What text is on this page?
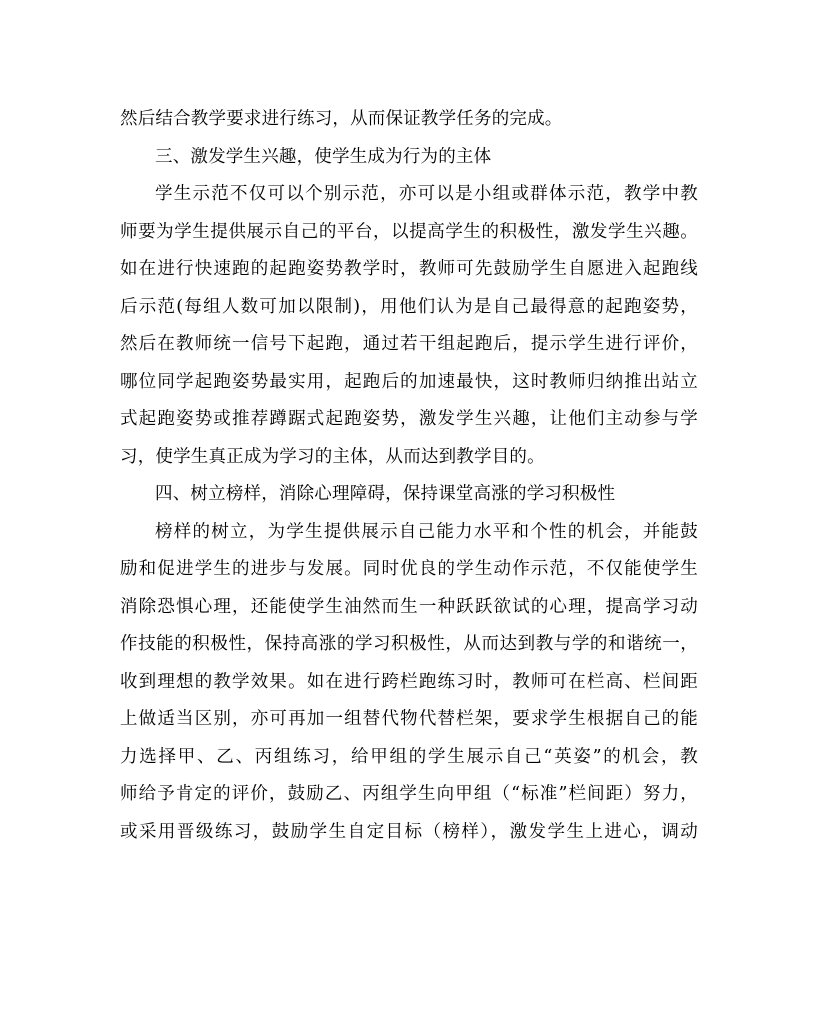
然后结合教学要求进行练习，从而保证教学任务的完成。
三、激发学生兴趣，使学生成为行为的主体
学生示范不仅可以个别示范，亦可以是小组或群体示范，教学中教
师要为学生提供展示自己的平台，以提高学生的积极性，激发学生兴趣。
如在进行快速跑的起跑姿势教学时，教师可先鼓励学生自愿进入起跑线
后示范(每组人数可加以限制)，用他们认为是自己最得意的起跑姿势，
然后在教师统一信号下起跑，通过若干组起跑后，提示学生进行评价，
哪位同学起跑姿势最实用，起跑后的加速最快，这时教师归纳推出站立
式起跑姿势或推荐蹲踞式起跑姿势，激发学生兴趣，让他们主动参与学
习，使学生真正成为学习的主体，从而达到教学目的。
四、树立榜样，消除心理障碍，保持课堂高涨的学习积极性
榜样的树立，为学生提供展示自己能力水平和个性的机会，并能鼓
励和促进学生的进步与发展。同时优良的学生动作示范，不仅能使学生
消除恐惧心理，还能使学生油然而生一种跃跃欲试的心理，提高学习动
作技能的积极性，保持高涨的学习积极性，从而达到教与学的和谐统一，
收到理想的教学效果。如在进行跨栏跑练习时，教师可在栏高、栏间距
上做适当区别，亦可再加一组替代物代替栏架，要求学生根据自己的能
力选择甲、乙、丙组练习，给甲组的学生展示自己“英姿”的机会，教
师给予肯定的评价，鼓励乙、丙组学生向甲组（“标准”栏间距）努力，
或采用晋级练习，鼓励学生自定目标（榜样），激发学生上进心，调动
